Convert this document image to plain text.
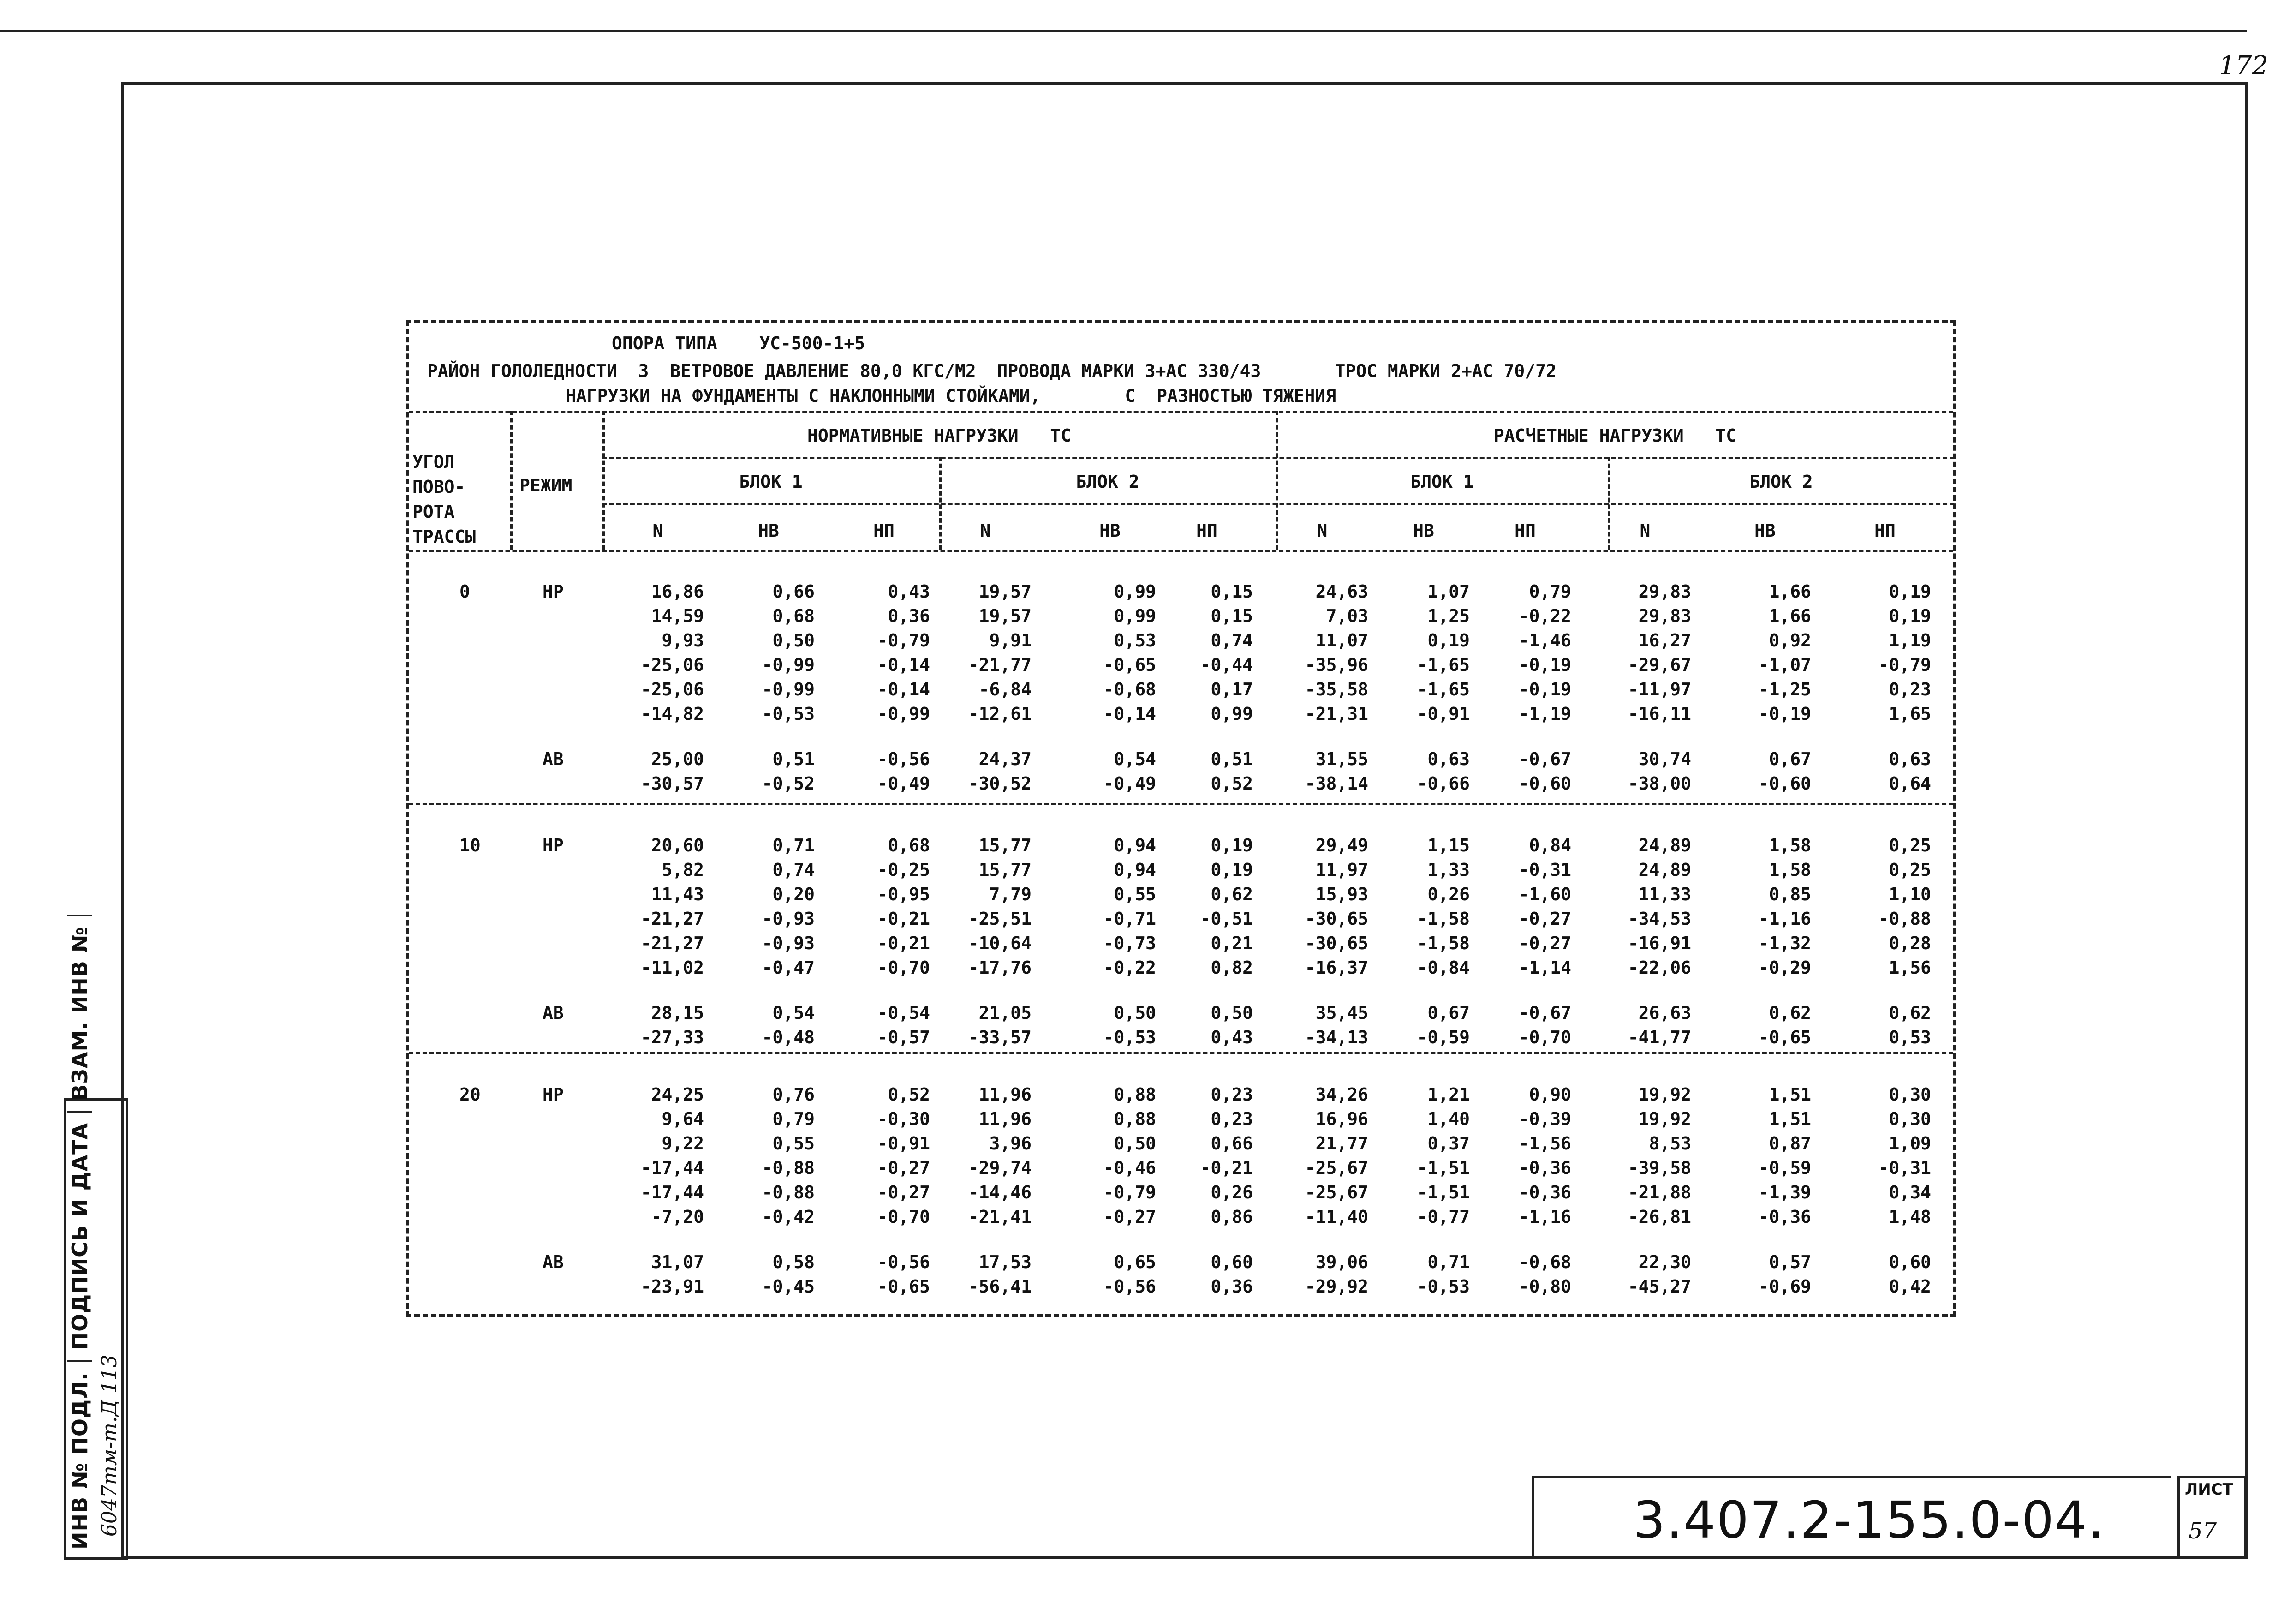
172
ИНВ № ПОДЛ.ПОДПИСЬ И ДАТАВЗАМ. ИНВ №
6047тм-т.Д 113	3.407.2-155.0-04.
ЛИСТ
57
ОПОРА ТИПА    УС-500-1+5
РАЙОН ГОЛОЛЕДНОСТИ  3  ВЕТРОВОЕ ДАВЛЕНИЕ 80,0 КГС/М2  ПРОВОДА МАРКИ 3+АС 330/43       ТРОС МАРКИ 2+АС 70/72
НАГРУЗКИ НА ФУНДАМЕНТЫ С НАКЛОННЫМИ СТОЙКАМИ,        С  РАЗНОСТЬЮ ТЯЖЕНИЯ
УГОЛ
ПОВО-
РОТА
ТРАССЫ
РЕЖИМ
НОРМАТИВНЫЕ НАГРУЗКИ   ТС	РАСЧЕТНЫЕ НАГРУЗКИ   ТС
БЛОК 1	БЛОК 2	БЛОК 1	БЛОК 2
N	НВ	НП	N	НВ	НП	N	НВ	НП	N	НВ	НП
0	НР	16,86	0,66	0,43	19,57	0,99	0,15	24,63	1,07	0,79	29,83	1,66	0,19
14,59	0,68	0,36	19,57	0,99	0,15	7,03	1,25	-0,22	29,83	1,66	0,19
9,93	0,50	-0,79	9,91	0,53	0,74	11,07	0,19	-1,46	16,27	0,92	1,19
-25,06	-0,99	-0,14	-21,77	-0,65	-0,44	-35,96	-1,65	-0,19	-29,67	-1,07	-0,79
-25,06	-0,99	-0,14	-6,84	-0,68	0,17	-35,58	-1,65	-0,19	-11,97	-1,25	0,23
-14,82	-0,53	-0,99	-12,61	-0,14	0,99	-21,31	-0,91	-1,19	-16,11	-0,19	1,65
АВ	25,00	0,51	-0,56	24,37	0,54	0,51	31,55	0,63	-0,67	30,74	0,67	0,63
-30,57	-0,52	-0,49	-30,52	-0,49	0,52	-38,14	-0,66	-0,60	-38,00	-0,60	0,64
10	НР	20,60	0,71	0,68	15,77	0,94	0,19	29,49	1,15	0,84	24,89	1,58	0,25
5,82	0,74	-0,25	15,77	0,94	0,19	11,97	1,33	-0,31	24,89	1,58	0,25
11,43	0,20	-0,95	7,79	0,55	0,62	15,93	0,26	-1,60	11,33	0,85	1,10
-21,27	-0,93	-0,21	-25,51	-0,71	-0,51	-30,65	-1,58	-0,27	-34,53	-1,16	-0,88
-21,27	-0,93	-0,21	-10,64	-0,73	0,21	-30,65	-1,58	-0,27	-16,91	-1,32	0,28
-11,02	-0,47	-0,70	-17,76	-0,22	0,82	-16,37	-0,84	-1,14	-22,06	-0,29	1,56
АВ	28,15	0,54	-0,54	21,05	0,50	0,50	35,45	0,67	-0,67	26,63	0,62	0,62
-27,33	-0,48	-0,57	-33,57	-0,53	0,43	-34,13	-0,59	-0,70	-41,77	-0,65	0,53
20	НР	24,25	0,76	0,52	11,96	0,88	0,23	34,26	1,21	0,90	19,92	1,51	0,30
9,64	0,79	-0,30	11,96	0,88	0,23	16,96	1,40	-0,39	19,92	1,51	0,30
9,22	0,55	-0,91	3,96	0,50	0,66	21,77	0,37	-1,56	8,53	0,87	1,09
-17,44	-0,88	-0,27	-29,74	-0,46	-0,21	-25,67	-1,51	-0,36	-39,58	-0,59	-0,31
-17,44	-0,88	-0,27	-14,46	-0,79	0,26	-25,67	-1,51	-0,36	-21,88	-1,39	0,34
-7,20	-0,42	-0,70	-21,41	-0,27	0,86	-11,40	-0,77	-1,16	-26,81	-0,36	1,48
АВ	31,07	0,58	-0,56	17,53	0,65	0,60	39,06	0,71	-0,68	22,30	0,57	0,60
-23,91	-0,45	-0,65	-56,41	-0,56	0,36	-29,92	-0,53	-0,80	-45,27	-0,69	0,42
